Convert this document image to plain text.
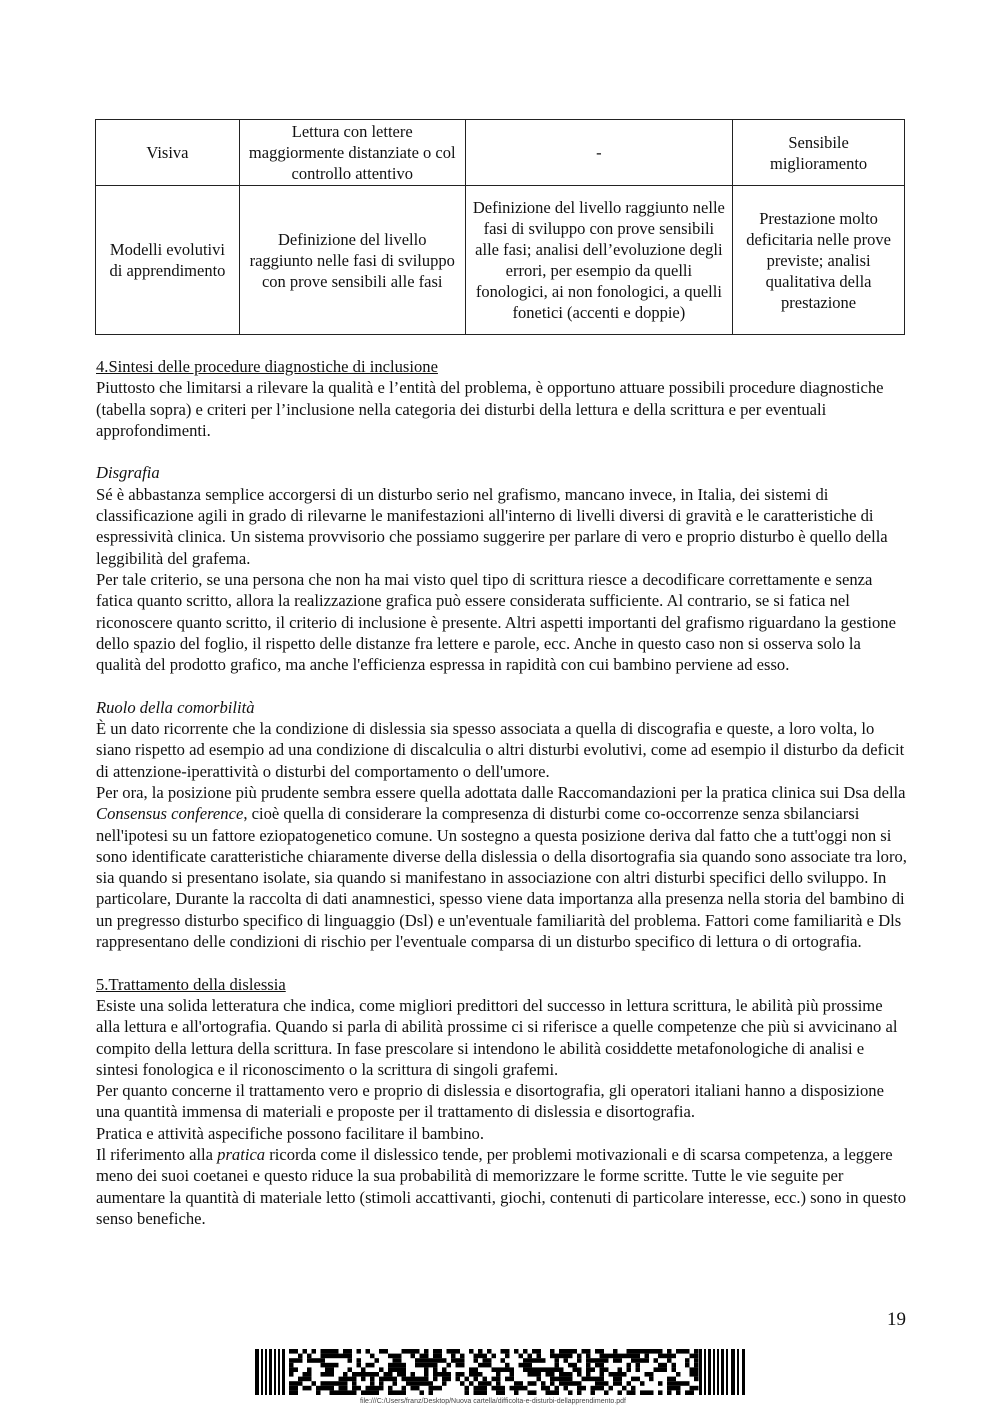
Visiva	Lettura con lettere maggiormente distanziate o col controllo attentivo	-	Sensibile miglioramento
Modelli evolutivi di apprendimento	Definizione del livello raggiunto nelle fasi di sviluppo con prove sensibili alle fasi	Definizione del livello raggiunto nelle fasi di sviluppo con prove sensibili alle fasi; analisi dell’evoluzione degli errori, per esempio da quelli fonologici, ai non fonologici, a quelli fonetici (accenti e doppie)	Prestazione molto deficitaria nelle prove previste; analisi qualitativa della prestazione

4.Sintesi delle procedure diagnostiche di inclusione

Piuttosto che limitarsi a rilevare la qualità e l’entità del problema, è opportuno attuare possibili procedure diagnostiche (tabella sopra) e criteri per l’inclusione nella categoria dei disturbi della lettura e della scrittura e per eventuali approfondimenti.

Disgrafia

Sé è abbastanza semplice accorgersi di un disturbo serio nel grafismo, mancano invece, in Italia, dei sistemi di classificazione agili in grado di rilevarne le manifestazioni all'interno di livelli diversi di gravità e le caratteristiche di espressività clinica. Un sistema provvisorio che possiamo suggerire per parlare di vero e proprio disturbo è quello della leggibilità del grafema.

Per tale criterio, se una persona che non ha mai visto quel tipo di scrittura riesce a decodificare correttamente e senza fatica quanto scritto, allora la realizzazione grafica può essere considerata sufficiente. Al contrario, se si fatica nel riconoscere quanto scritto, il criterio di inclusione è presente. Altri aspetti importanti del grafismo riguardano la gestione dello spazio del foglio, il rispetto delle distanze fra lettere e parole, ecc. Anche in questo caso non si osserva solo la qualità del prodotto grafico, ma anche l'efficienza espressa in rapidità con cui bambino perviene ad esso.

Ruolo della comorbilità

È un dato ricorrente che la condizione di dislessia sia spesso associata a quella di discografia e queste, a loro volta, lo siano rispetto ad esempio ad una condizione di discalculia o altri disturbi evolutivi, come ad esempio il disturbo da deficit di attenzione-iperattività o disturbi del comportamento o dell'umore.

Per ora, la posizione più prudente sembra essere quella adottata dalle Raccomandazioni per la pratica clinica sui Dsa della Consensus conference, cioè quella di considerare la compresenza di disturbi come co-occorrenze senza sbilanciarsi nell'ipotesi su un fattore eziopatogenetico comune. Un sostegno a questa posizione deriva dal fatto che a tutt'oggi non si sono identificate caratteristiche chiaramente diverse della dislessia o della disortografia sia quando sono associate tra loro, sia quando si presentano isolate, sia quando si manifestano in associazione con altri disturbi specifici dello sviluppo. In particolare, Durante la raccolta di dati anamnestici, spesso viene data importanza alla presenza nella storia del bambino di un pregresso disturbo specifico di linguaggio (Dsl) e un'eventuale familiarità del problema. Fattori come familiarità e Dls rappresentano delle condizioni di rischio per l'eventuale comparsa di un disturbo specifico di lettura o di ortografia.

5.Trattamento della dislessia

Esiste una solida letteratura che indica, come migliori predittori del successo in lettura scrittura, le abilità più prossime alla lettura e all'ortografia. Quando si parla di abilità prossime ci si riferisce a quelle competenze che più si avvicinano al compito della lettura della scrittura. In fase prescolare si intendono le abilità cosiddette metafonologiche di analisi e sintesi fonologica e il riconoscimento o la scrittura di singoli grafemi.

Per quanto concerne il trattamento vero e proprio di dislessia e disortografia, gli operatori italiani hanno a disposizione una quantità immensa di materiali e proposte per il trattamento di dislessia e disortografia.

Pratica e attività aspecifiche possono facilitare il bambino.

Il riferimento alla pratica ricorda come il dislessico tende, per problemi motivazionali e di scarsa competenza, a leggere meno dei suoi coetanei e questo riduce la sua probabilità di memorizzare le forme scritte. Tutte le vie seguite per aumentare la quantità di materiale letto (stimoli accattivanti, giochi, contenuti di particolare interesse, ecc.) sono in questo senso benefiche.

19
file:///C:/Users/franz/Desktop/Nuova cartella/difficolta-e-disturbi-dellapprendimento.pdf
